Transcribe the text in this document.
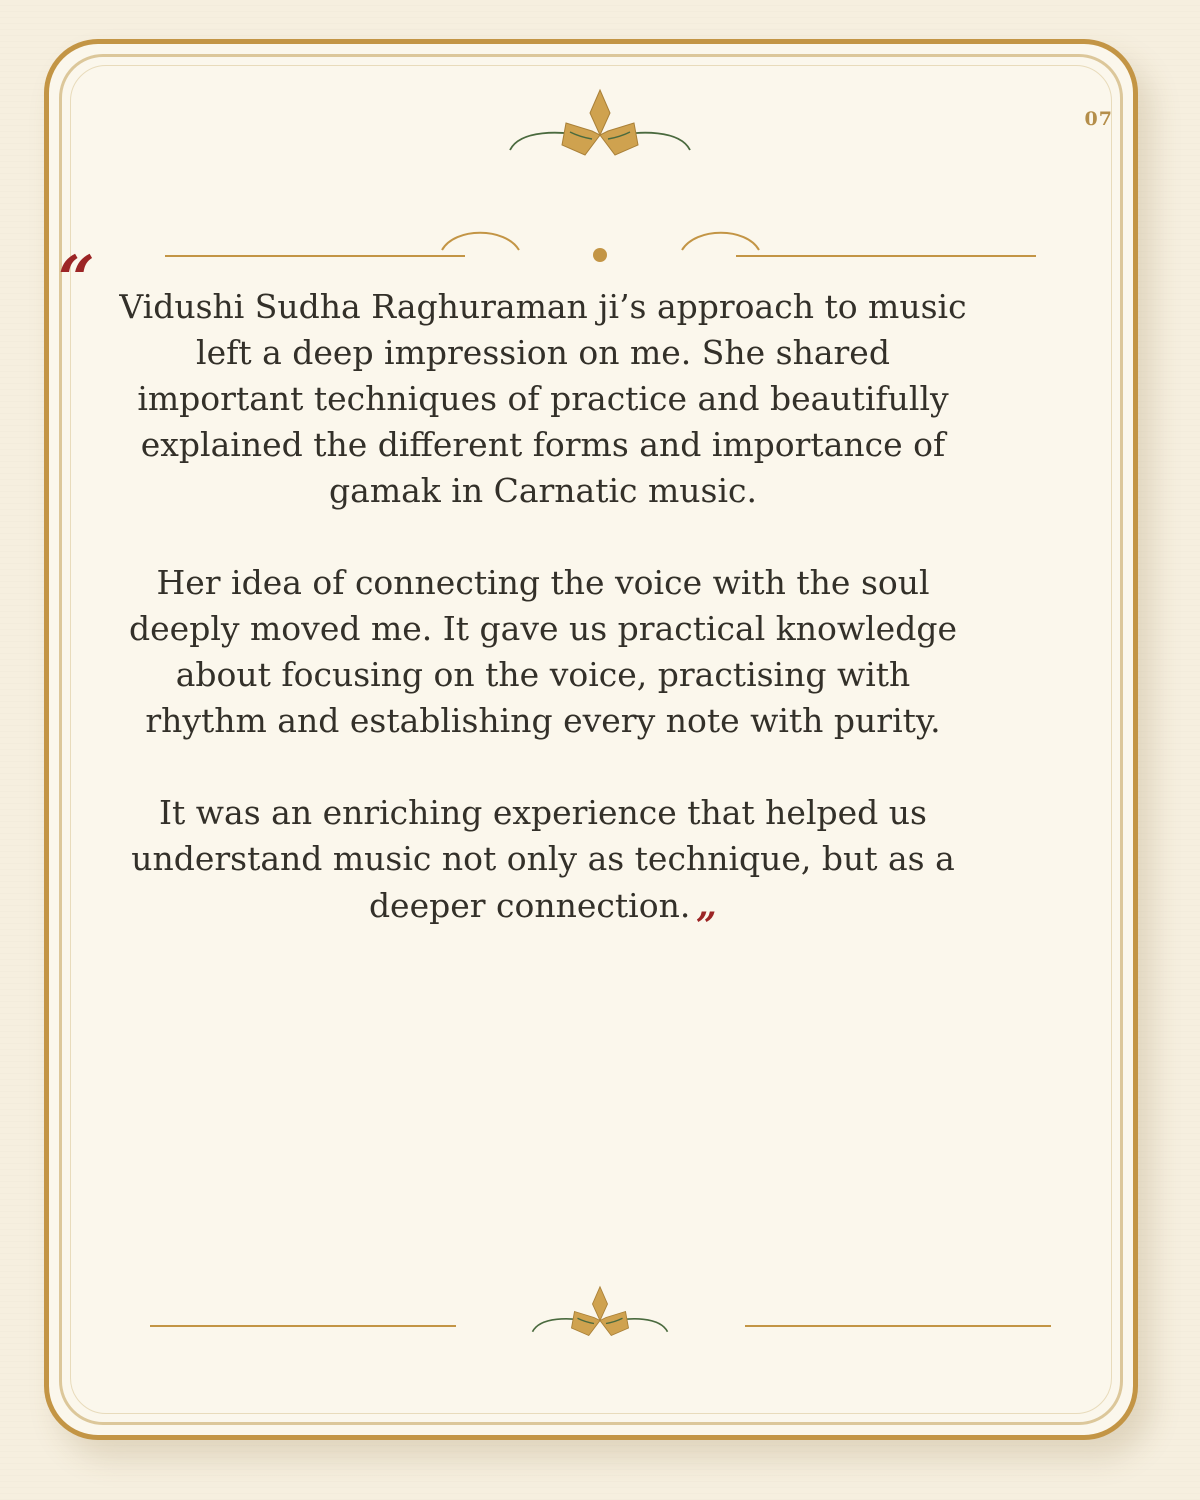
07
“ Vidushi Sudha Raghuraman ji’s approach to music left a deep impression on me. She shared important techniques of practice and beautifully explained the different forms and importance of gamak in Carnatic music.

Her idea of connecting the voice with the soul deeply moved me. It gave us practical knowledge about focusing on the voice, practising with rhythm and establishing every note with purity.

It was an enriching experience that helped us understand music not only as technique, but as a deeper connection. „
